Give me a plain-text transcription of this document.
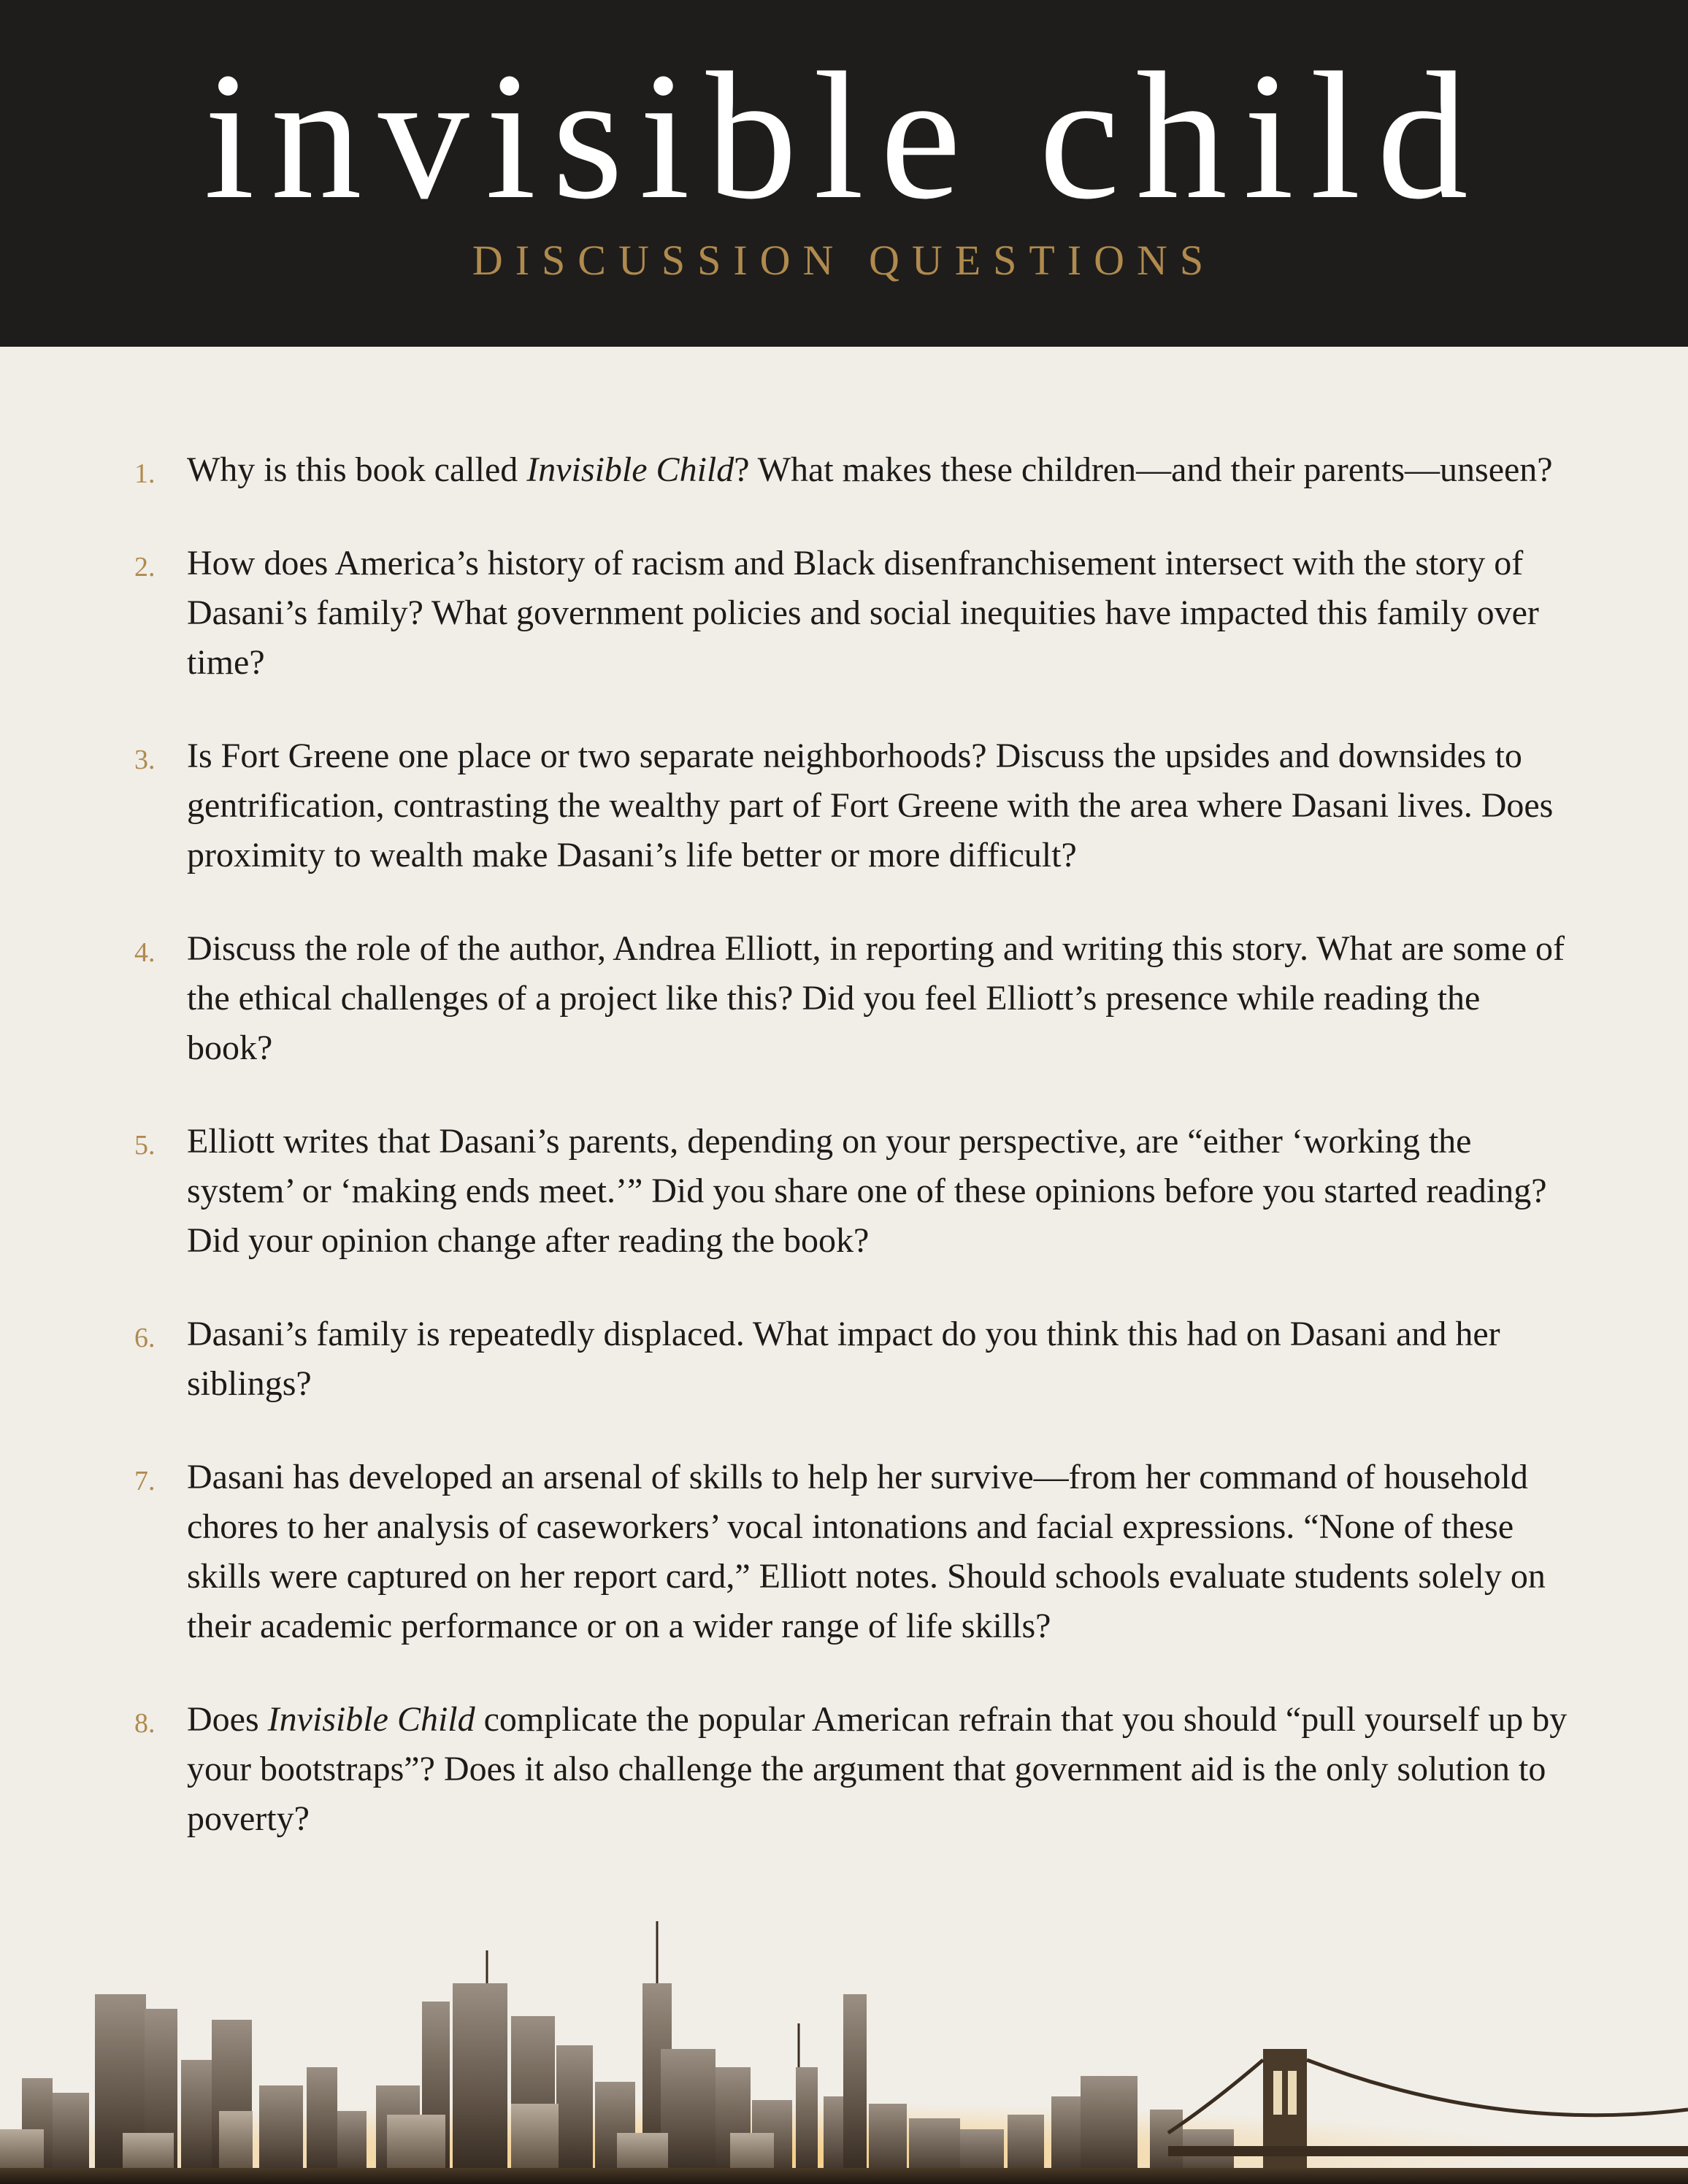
invisible child
DISCUSSION QUESTIONS
1. Why is this book called Invisible Child? What makes these children—and their parents—unseen?
2. How does America’s history of racism and Black disenfranchisement intersect with the story of Dasani’s family? What government policies and social inequities have impacted this family over time?
3. Is Fort Greene one place or two separate neighborhoods? Discuss the upsides and downsides to gentrification, contrasting the wealthy part of Fort Greene with the area where Dasani lives. Does proximity to wealth make Dasani’s life better or more difficult?
4. Discuss the role of the author, Andrea Elliott, in reporting and writing this story. What are some of the ethical challenges of a project like this? Did you feel Elliott’s presence while reading the book?
5. Elliott writes that Dasani’s parents, depending on your perspective, are “either ‘working the system’ or ‘making ends meet.’” Did you share one of these opinions before you started reading? Did your opinion change after reading the book?
6. Dasani’s family is repeatedly displaced. What impact do you think this had on Dasani and her siblings?
7. Dasani has developed an arsenal of skills to help her survive—from her command of household chores to her analysis of caseworkers’ vocal intonations and facial expressions. “None of these skills were captured on her report card,” Elliott notes. Should schools evaluate students solely on their academic performance or on a wider range of life skills?
8. Does Invisible Child complicate the popular American refrain that you should “pull yourself up by your bootstraps”? Does it also challenge the argument that government aid is the only solution to poverty?
